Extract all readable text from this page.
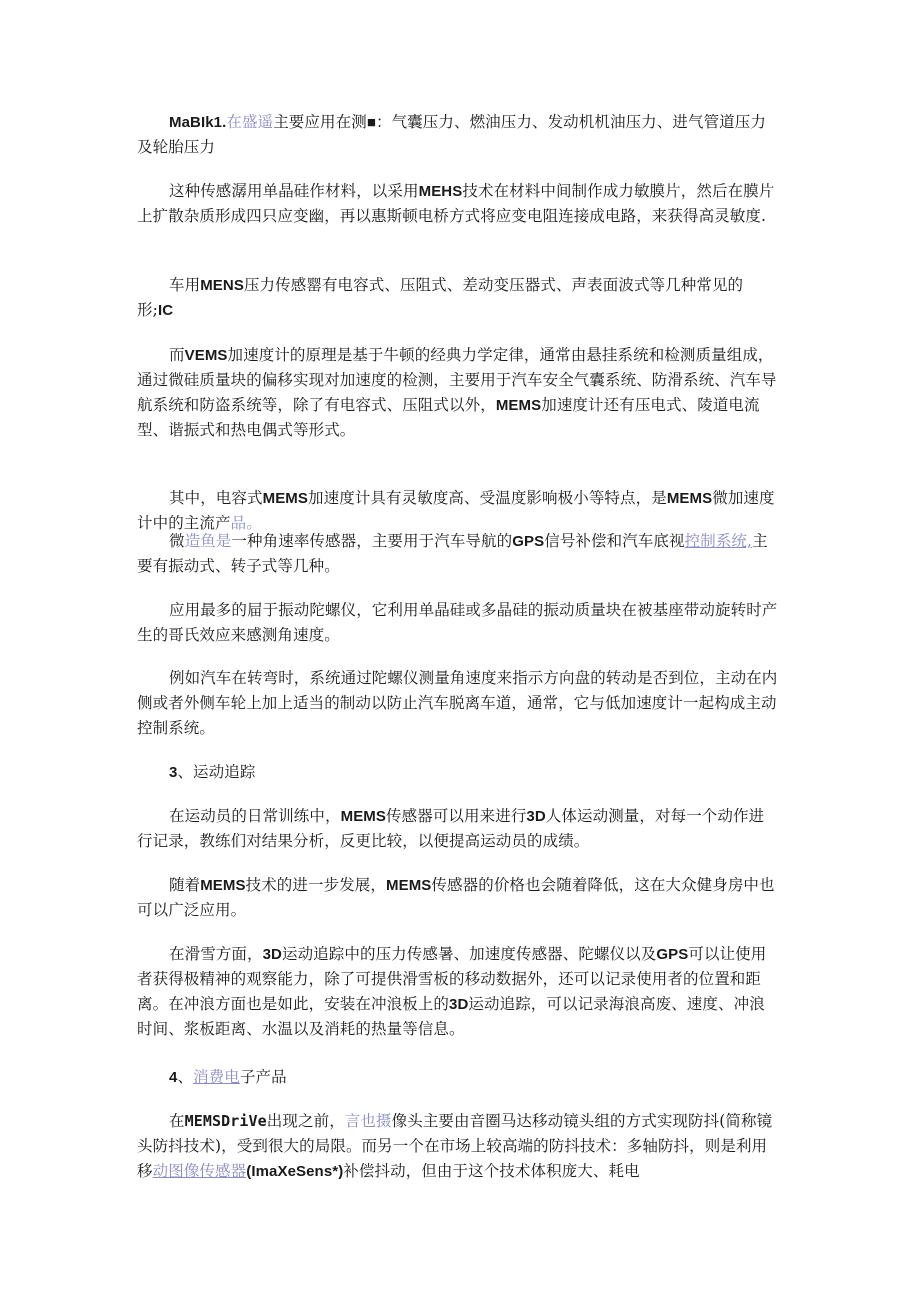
MaBIk1.在盛遥主要应用在测■：气囊压力、燃油压力、发动机机油压力、进气管道压力及轮胎压力

这种传感潺用单晶硅作材料，以采用MEHS技术在材料中间制作成力敏膜片，然后在膜片上扩散杂质形成四只应变幽，再以惠斯顿电桥方式将应变电阻连接成电路，来获得高灵敏度.

车用MENS压力传感罂有电容式、压阻式、差动变压器式、声表面波式等几种常见的形;IC

而VEMS加速度计的原理是基于牛顿的经典力学定律，通常由悬挂系统和检测质量组成，通过微硅质量块的偏移实现对加速度的检测，主要用于汽车安全气囊系统、防滑系统、汽车导航系统和防盗系统等，除了有电容式、压阻式以外，MEMS加速度计还有压电式、陵道电流型、谐振式和热电偶式等形式。

其中，电容式MEMS加速度计具有灵敏度高、受温度影响极小等特点，是MEMS微加速度计中的主流产品。

微造鱼是一种角速率传感器，主要用于汽车导航的GPS信号补偿和汽车底视控制系统,主要有振动式、转子式等几种。

应用最多的屇于振动陀螺仪，它利用单晶硅或多晶硅的振动质量块在被基座带动旋转时产生的哥氏效应来感测角速度。

例如汽车在转弯时，系统通过陀螺仪测量角速度来指示方向盘的转动是否到位，主动在内侧或者外侧车轮上加上适当的制动以防止汽车脱离车道，通常，它与低加速度计一起构成主动控制系统。

3、运动追踪

在运动员的日常训练中，MEMS传感器可以用来进行3D人体运动测量，对每一个动作进行记录，教练们对结果分析，反更比较，以便提高运动员的成绩。

随着MEMS技术的进一步发展，MEMS传感器的价格也会随着降低，这在大众健身房中也可以广泛应用。

在滑雪方面，3D运动追踪中的压力传感暑、加速度传感器、陀螺仪以及GPS可以让使用者获得极精神的观察能力，除了可提供滑雪板的移动数据外，还可以记录使用者的位置和距离。在冲浪方面也是如此，安装在冲浪板上的3D运动追踪，可以记录海浪高废、速度、冲浪时间、浆板距离、水温以及消耗的热量等信息。

4、消费电子产品

在MEMSDriVe出现之前，言也摄像头主要由音圈马达移动镜头组的方式实现防抖(简称镜头防抖技术)，受到很大的局限。而另一个在市场上较高端的防抖技术：多轴防抖，则是利用移动图像传感器(ImaXeSens*)补偿抖动，但由于这个技术体积庞大、耗电
